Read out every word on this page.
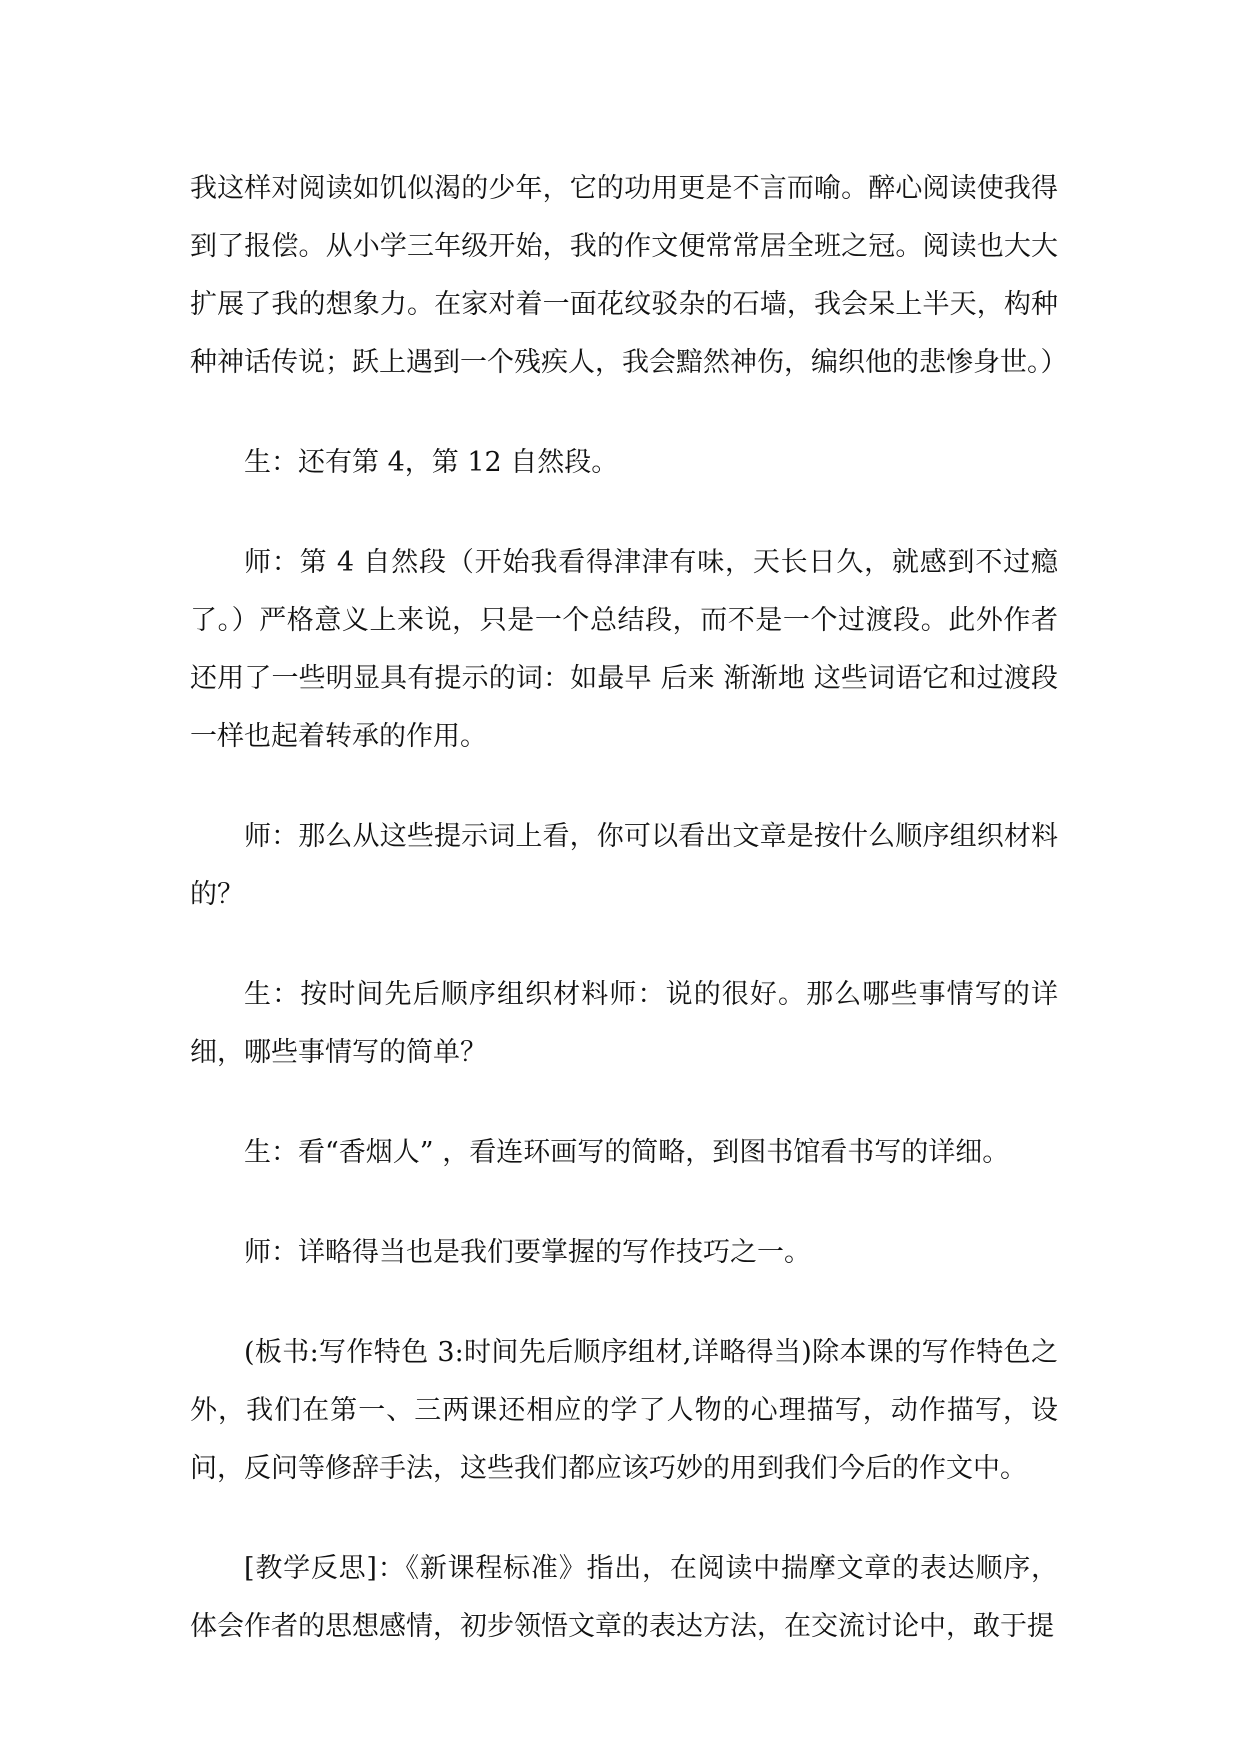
我这样对阅读如饥似渴的少年，它的功用更是不言而喻。醉心阅读使我得到了报偿。从小学三年级开始，我的作文便常常居全班之冠。阅读也大大扩展了我的想象力。在家对着一面花纹驳杂的石墙，我会呆上半天，构种种神话传说；跃上遇到一个残疾人，我会黯然神伤，编织他的悲惨身世。）

生：还有第 4，第 12 自然段。

师：第 4 自然段（开始我看得津津有味，天长日久，就感到不过瘾了。）严格意义上来说，只是一个总结段，而不是一个过渡段。此外作者还用了一些明显具有提示的词：如最早 后来 渐渐地 这些词语它和过渡段一样也起着转承的作用。

师：那么从这些提示词上看，你可以看出文章是按什么顺序组织材料的？

生：按时间先后顺序组织材料师：说的很好。那么哪些事情写的详细，哪些事情写的简单？

生：看“香烟人” ，看连环画写的简略，到图书馆看书写的详细。

师：详略得当也是我们要掌握的写作技巧之一。

(板书:写作特色 3:时间先后顺序组材,详略得当)除本课的写作特色之外，我们在第一、三两课还相应的学了人物的心理描写，动作描写，设问，反问等修辞手法，这些我们都应该巧妙的用到我们今后的作文中。

[教学反思]：《新课程标准》指出，在阅读中揣摩文章的表达顺序，体会作者的思想感情，初步领悟文章的表达方法，在交流讨论中，敢于提
